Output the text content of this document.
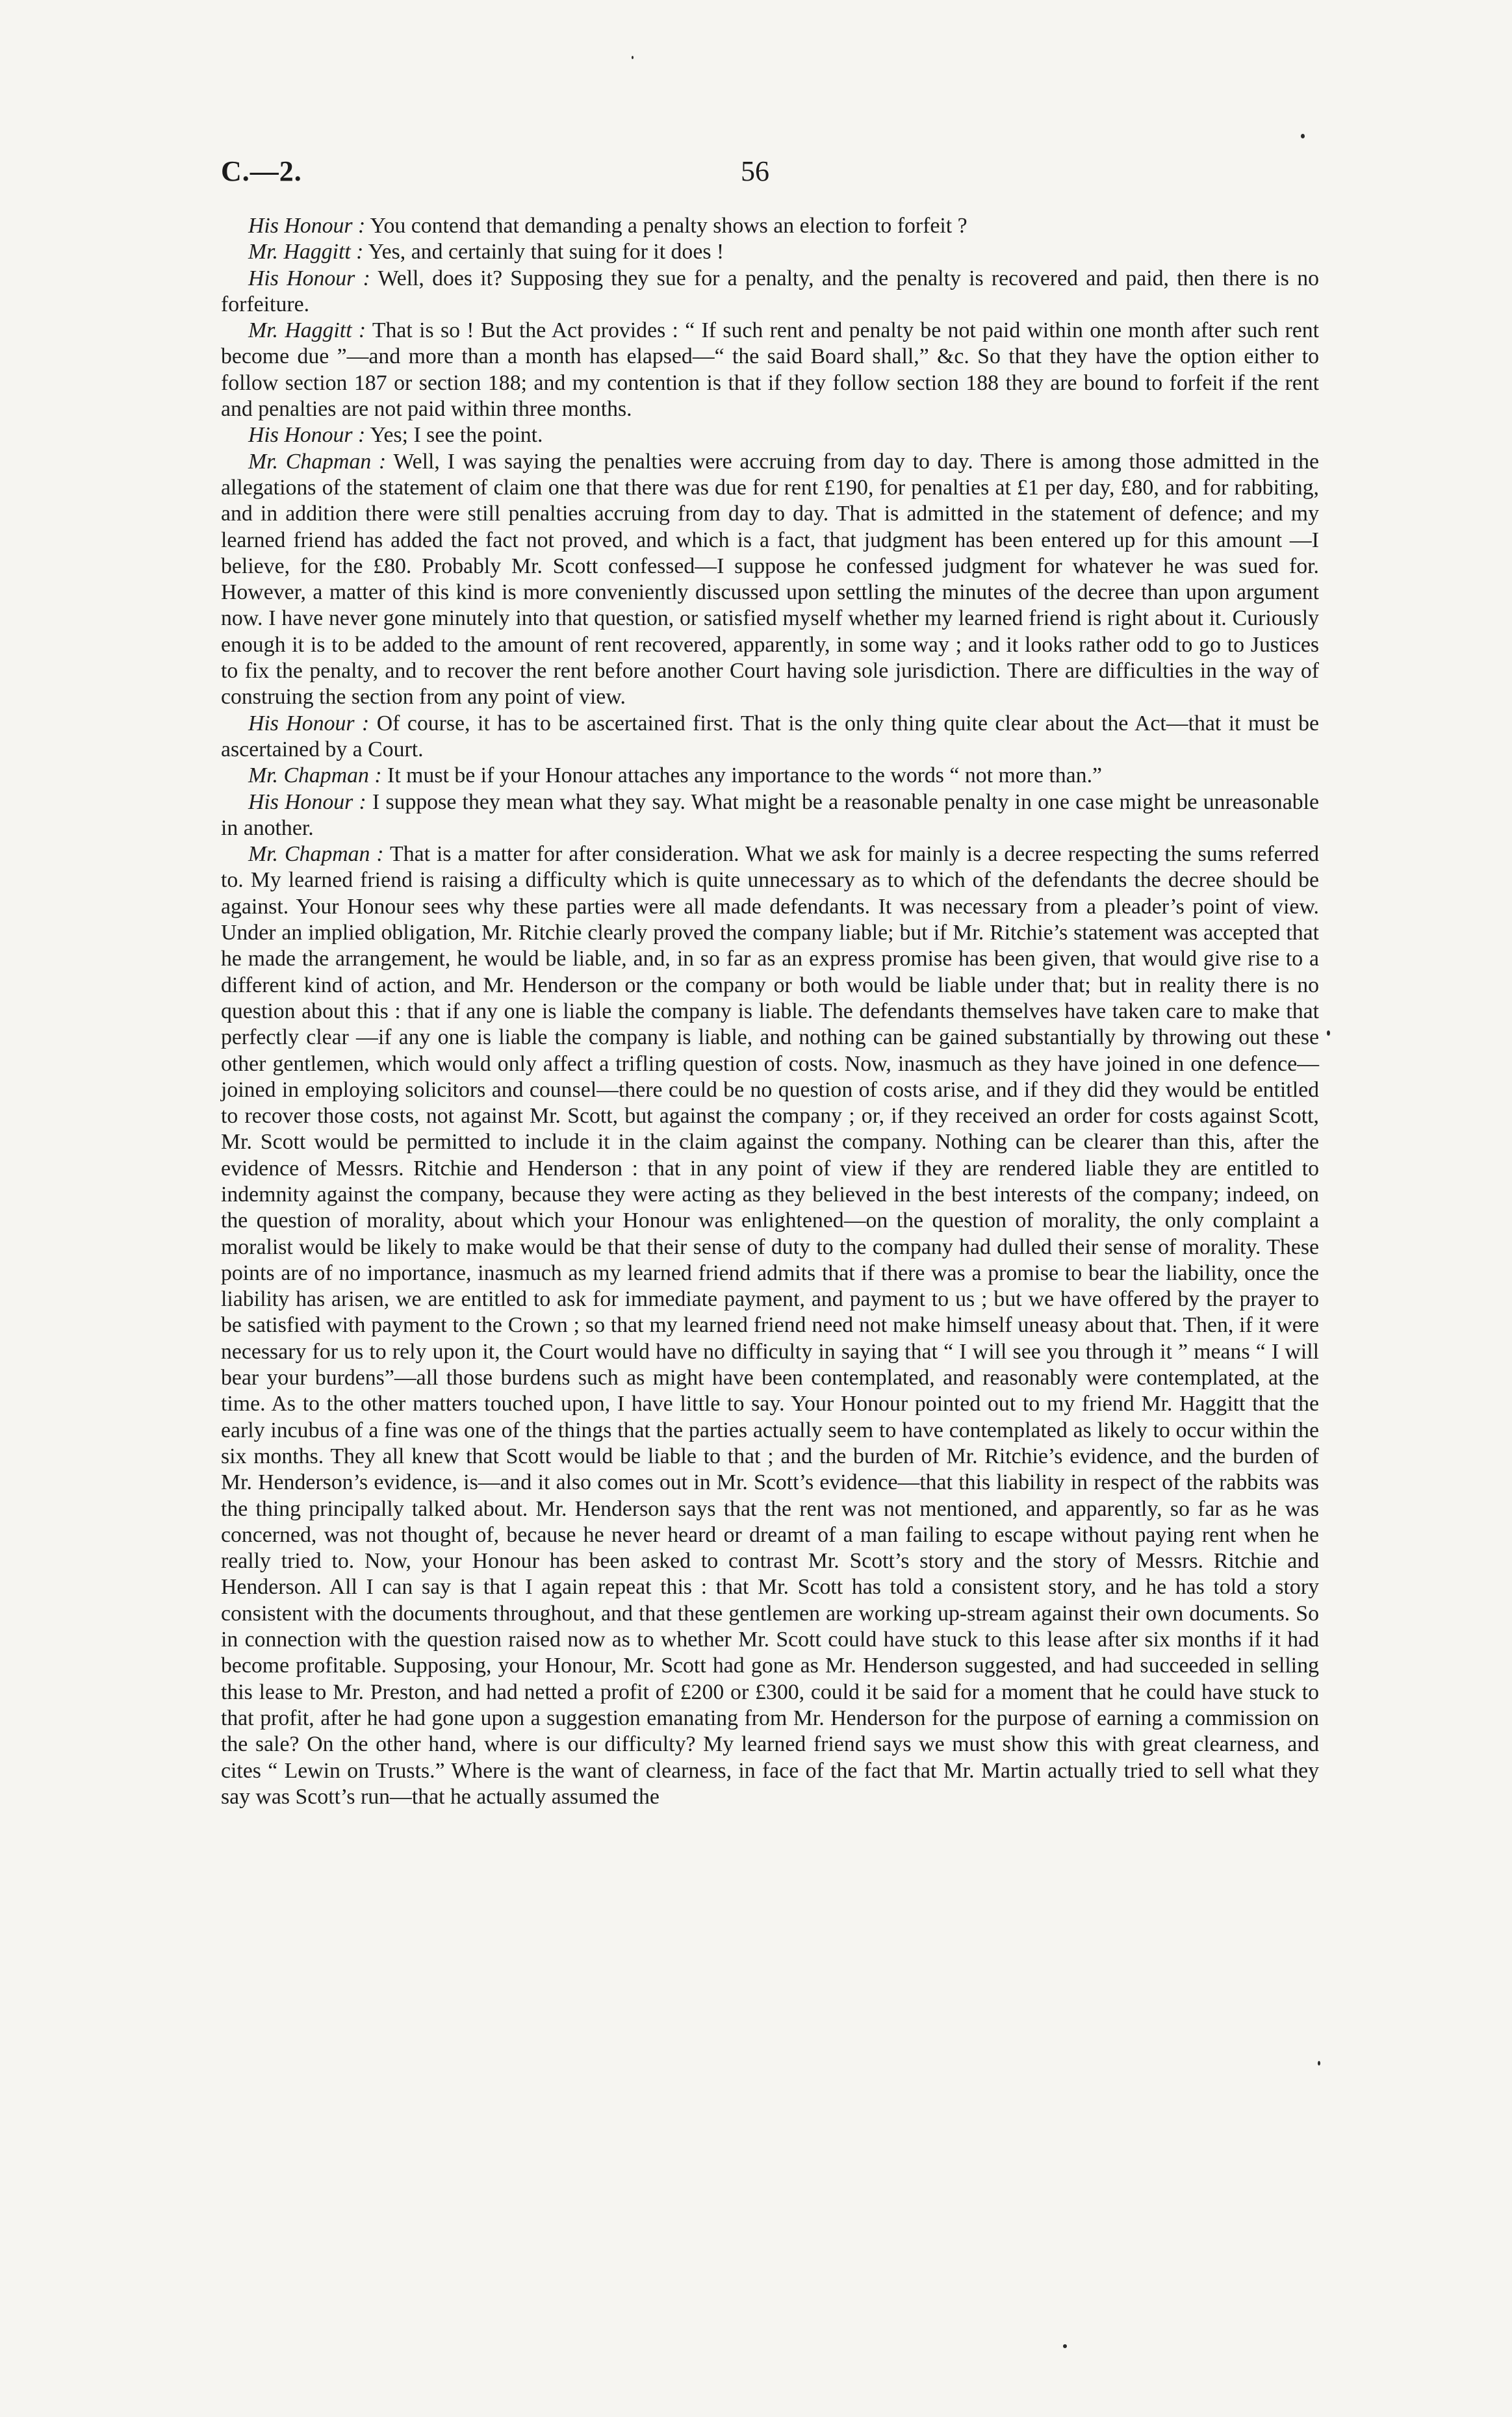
C.—2.	56

His Honour : You contend that demanding a penalty shows an election to forfeit ?

Mr. Haggitt : Yes, and certainly that suing for it does !

His Honour : Well, does it? Supposing they sue for a penalty, and the penalty is recovered and paid, then there is no forfeiture.

Mr. Haggitt : That is so ! But the Act provides : “ If such rent and penalty be not paid within one month after such rent become due ”—and more than a month has elapsed—“ the said Board shall,” &c. So that they have the option either to follow section 187 or section 188; and my contention is that if they follow section 188 they are bound to forfeit if the rent and penalties are not paid within three months.

His Honour : Yes; I see the point.

Mr. Chapman : Well, I was saying the penalties were accruing from day to day. There is among those admitted in the allegations of the statement of claim one that there was due for rent £190, for penalties at £1 per day, £80, and for rabbiting, and in addition there were still penalties accruing from day to day. That is admitted in the statement of defence; and my learned friend has added the fact not proved, and which is a fact, that judgment has been entered up for this amount —I believe, for the £80. Probably Mr. Scott confessed—I suppose he confessed judgment for whatever he was sued for. However, a matter of this kind is more conveniently discussed upon settling the minutes of the decree than upon argument now. I have never gone minutely into that question, or satisfied myself whether my learned friend is right about it. Curiously enough it is to be added to the amount of rent recovered, apparently, in some way ; and it looks rather odd to go to Justices to fix the penalty, and to recover the rent before another Court having sole jurisdiction. There are difficulties in the way of construing the section from any point of view.

His Honour : Of course, it has to be ascertained first. That is the only thing quite clear about the Act—that it must be ascertained by a Court.

Mr. Chapman : It must be if your Honour attaches any importance to the words “ not more than.”

His Honour : I suppose they mean what they say. What might be a reasonable penalty in one case might be unreasonable in another.

Mr. Chapman : That is a matter for after consideration. What we ask for mainly is a decree respecting the sums referred to. My learned friend is raising a difficulty which is quite unnecessary as to which of the defendants the decree should be against. Your Honour sees why these parties were all made defendants. It was necessary from a pleader’s point of view. Under an implied obligation, Mr. Ritchie clearly proved the company liable; but if Mr. Ritchie’s statement was accepted that he made the arrangement, he would be liable, and, in so far as an express promise has been given, that would give rise to a different kind of action, and Mr. Henderson or the company or both would be liable under that; but in reality there is no question about this : that if any one is liable the company is liable. The defendants themselves have taken care to make that perfectly clear —if any one is liable the company is liable, and nothing can be gained substantially by throwing out these other gentlemen, which would only affect a trifling question of costs. Now, inasmuch as they have joined in one defence—joined in employing solicitors and counsel—there could be no question of costs arise, and if they did they would be entitled to recover those costs, not against Mr. Scott, but against the company ; or, if they received an order for costs against Scott, Mr. Scott would be permitted to include it in the claim against the company. Nothing can be clearer than this, after the evidence of Messrs. Ritchie and Henderson : that in any point of view if they are rendered liable they are entitled to indemnity against the company, because they were acting as they believed in the best interests of the company; indeed, on the question of morality, about which your Honour was enlightened—on the question of morality, the only complaint a moralist would be likely to make would be that their sense of duty to the company had dulled their sense of morality. These points are of no importance, inasmuch as my learned friend admits that if there was a promise to bear the liability, once the liability has arisen, we are entitled to ask for immediate payment, and payment to us ; but we have offered by the prayer to be satisfied with payment to the Crown ; so that my learned friend need not make himself uneasy about that. Then, if it were necessary for us to rely upon it, the Court would have no difficulty in saying that “ I will see you through it ” means “ I will bear your burdens”—all those burdens such as might have been contemplated, and reasonably were contemplated, at the time. As to the other matters touched upon, I have little to say. Your Honour pointed out to my friend Mr. Haggitt that the early incubus of a fine was one of the things that the parties actually seem to have contemplated as likely to occur within the six months. They all knew that Scott would be liable to that ; and the burden of Mr. Ritchie’s evidence, and the burden of Mr. Henderson’s evidence, is—and it also comes out in Mr. Scott’s evidence—that this liability in respect of the rabbits was the thing principally talked about. Mr. Henderson says that the rent was not mentioned, and apparently, so far as he was concerned, was not thought of, because he never heard or dreamt of a man failing to escape without paying rent when he really tried to. Now, your Honour has been asked to contrast Mr. Scott’s story and the story of Messrs. Ritchie and Henderson. All I can say is that I again repeat this : that Mr. Scott has told a consistent story, and he has told a story consistent with the documents throughout, and that these gentlemen are working up-stream against their own documents. So in connection with the question raised now as to whether Mr. Scott could have stuck to this lease after six months if it had become profitable. Supposing, your Honour, Mr. Scott had gone as Mr. Henderson suggested, and had succeeded in selling this lease to Mr. Preston, and had netted a profit of £200 or £300, could it be said for a moment that he could have stuck to that profit, after he had gone upon a suggestion emanating from Mr. Henderson for the purpose of earning a commission on the sale? On the other hand, where is our difficulty? My learned friend says we must show this with great clearness, and cites “ Lewin on Trusts.” Where is the want of clearness, in face of the fact that Mr. Martin actually tried to sell what they say was Scott’s run—that he actually assumed the
